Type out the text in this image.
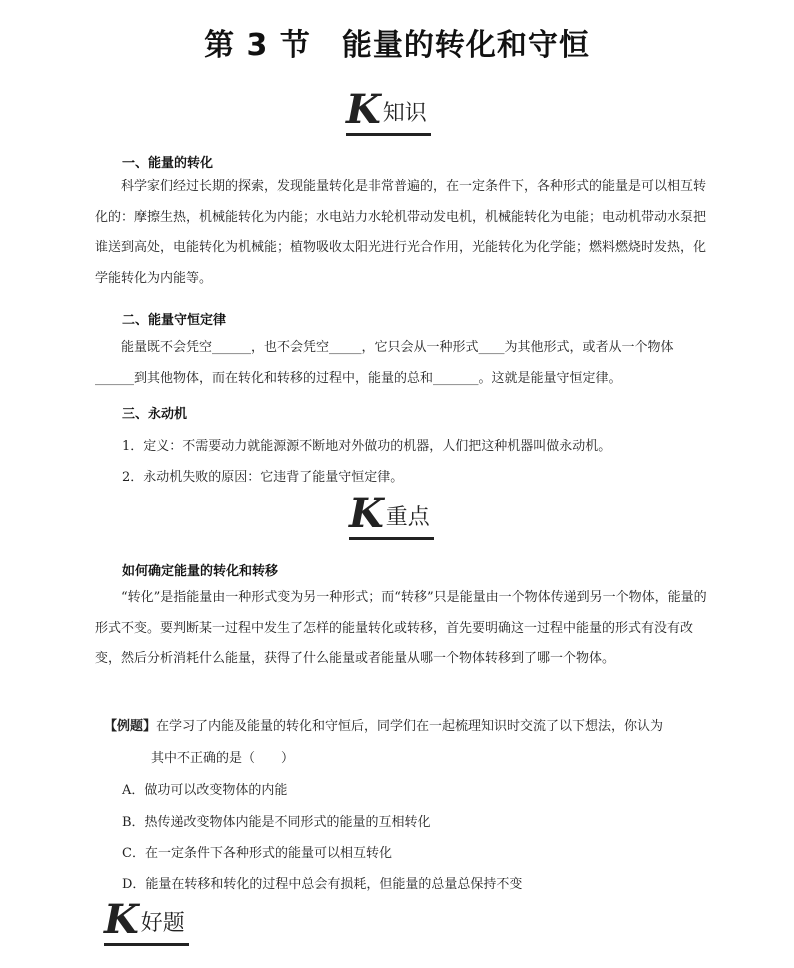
第 3 节　能量的转化和守恒
K 知识
一、能量的转化

科学家们经过长期的探索，发现能量转化是非常普遍的，在一定条件下，各种形式的能量是可以相互转化的：摩擦生热，机械能转化为内能；水电站力水轮机带动发电机，机械能转化为电能；电动机带动水泵把谁送到高处，电能转化为机械能；植物吸收太阳光进行光合作用，光能转化为化学能；燃料燃烧时发热，化学能转化为内能等。

二、能量守恒定律

能量既不会凭空______，也不会凭空_____，它只会从一种形式____为其他形式，或者从一个物体______到其他物体，而在转化和转移的过程中，能量的总和_______。这就是能量守恒定律。

三、永动机
1．定义：不需要动力就能源源不断地对外做功的机器，人们把这种机器叫做永动机。
2．永动机失败的原因：它违背了能量守恒定律。
K 重点
如何确定能量的转化和转移

“转化”是指能量由一种形式变为另一种形式；而“转移”只是能量由一个物体传递到另一个物体，能量的形式不变。要判断某一过程中发生了怎样的能量转化或转移，首先要明确这一过程中能量的形式有没有改变，然后分析消耗什么能量，获得了什么能量或者能量从哪一个物体转移到了哪一个物体。

【例题】在学习了内能及能量的转化和守恒后，同学们在一起梳理知识时交流了以下想法，你认为
其中不正确的是（　　）
A．做功可以改变物体的内能
B．热传递改变物体内能是不同形式的能量的互相转化
C．在一定条件下各种形式的能量可以相互转化
D．能量在转移和转化的过程中总会有损耗，但能量的总量总保持不变
K 好题
